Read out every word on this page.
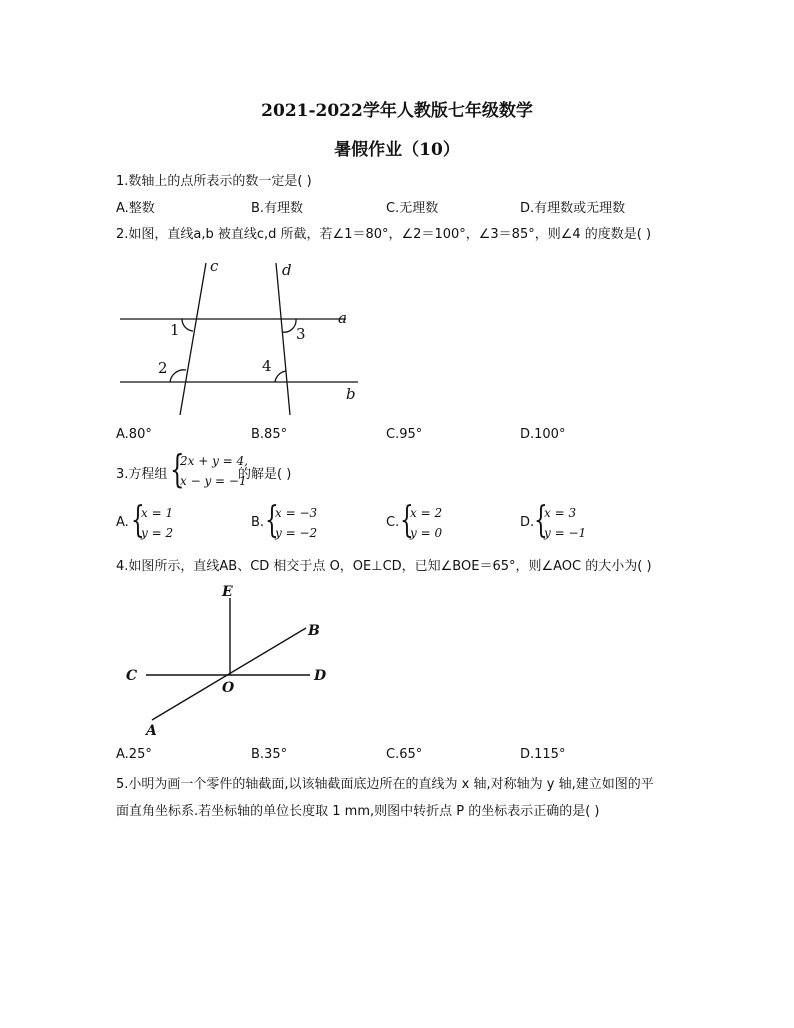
2021-2022学年人教版七年级数学
暑假作业（10）
1.数轴上的点所表示的数一定是( )
A.整数	B.有理数	C.无理数	D.有理数或无理数
2.如图，直线a,b 被直线c,d 所截，若∠1＝80°，∠2＝100°，∠3＝85°，则∠4 的度数是( )
c	d
a
b
1
2
3
4
A.80°	B.85°	C.95°	D.100°
3.方程组 {
2x + y = 4,
x − y = −1
的解是( )
A. {
x = 1
y = 2
B. {
x = −3
y = −2
C. {
x = 2
y = 0
D. {
x = 3
y = −1
4.如图所示，直线AB、CD 相交于点 O，OE⊥CD，已知∠BOE＝65°，则∠AOC 的大小为( )
E
B
C
O
D
A
A.25°	B.35°	C.65°	D.115°
5.小明为画一个零件的轴截面,以该轴截面底边所在的直线为 x 轴,对称轴为 y 轴,建立如图的平
面直角坐标系.若坐标轴的单位长度取 1 mm,则图中转折点 P 的坐标表示正确的是( )
